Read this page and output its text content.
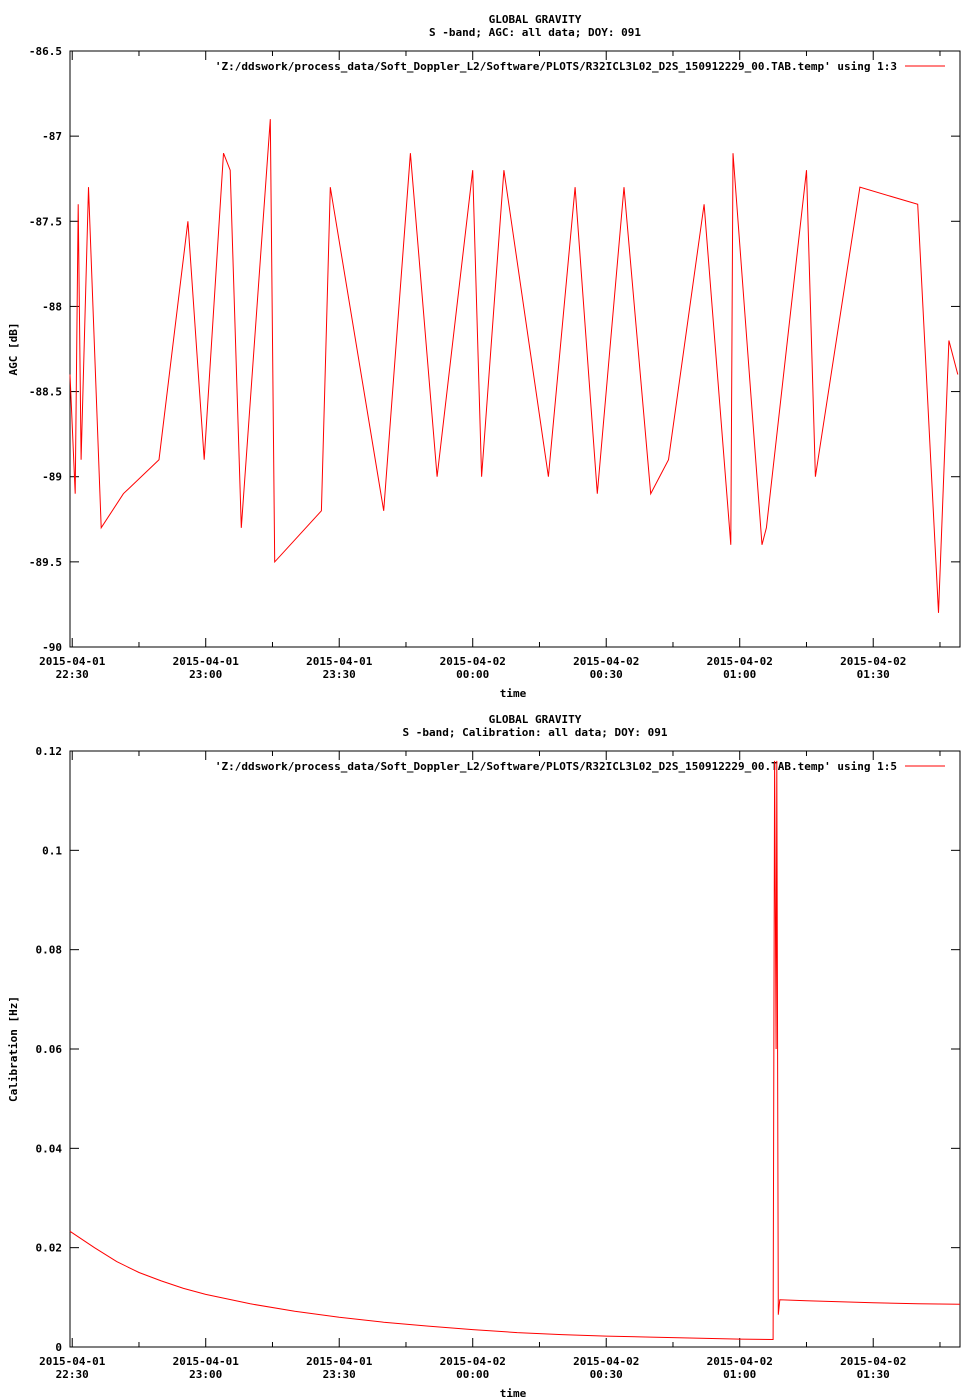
GLOBAL GRAVITY
S -band; AGC: all data; DOY: 091
-86.5
-87
-87.5
-88
-88.5
-89
-89.5
-90
2015-04-01
22:30
2015-04-01
23:00
2015-04-01
23:30
2015-04-02
00:00
2015-04-02
00:30
2015-04-02
01:00
2015-04-02
01:30
time
AGC [dB]
'Z:/ddswork/process_data/Soft_Doppler_L2/Software/PLOTS/R32ICL3L02_D2S_150912229_00.TAB.temp' using 1:3
GLOBAL GRAVITY
S -band; Calibration: all data; DOY: 091
0.12
0.1
0.08
0.06
0.04
0.02
0
2015-04-01
22:30
2015-04-01
23:00
2015-04-01
23:30
2015-04-02
00:00
2015-04-02
00:30
2015-04-02
01:00
2015-04-02
01:30
time
Calibration [Hz]
'Z:/ddswork/process_data/Soft_Doppler_L2/Software/PLOTS/R32ICL3L02_D2S_150912229_00.TAB.temp' using 1:5
